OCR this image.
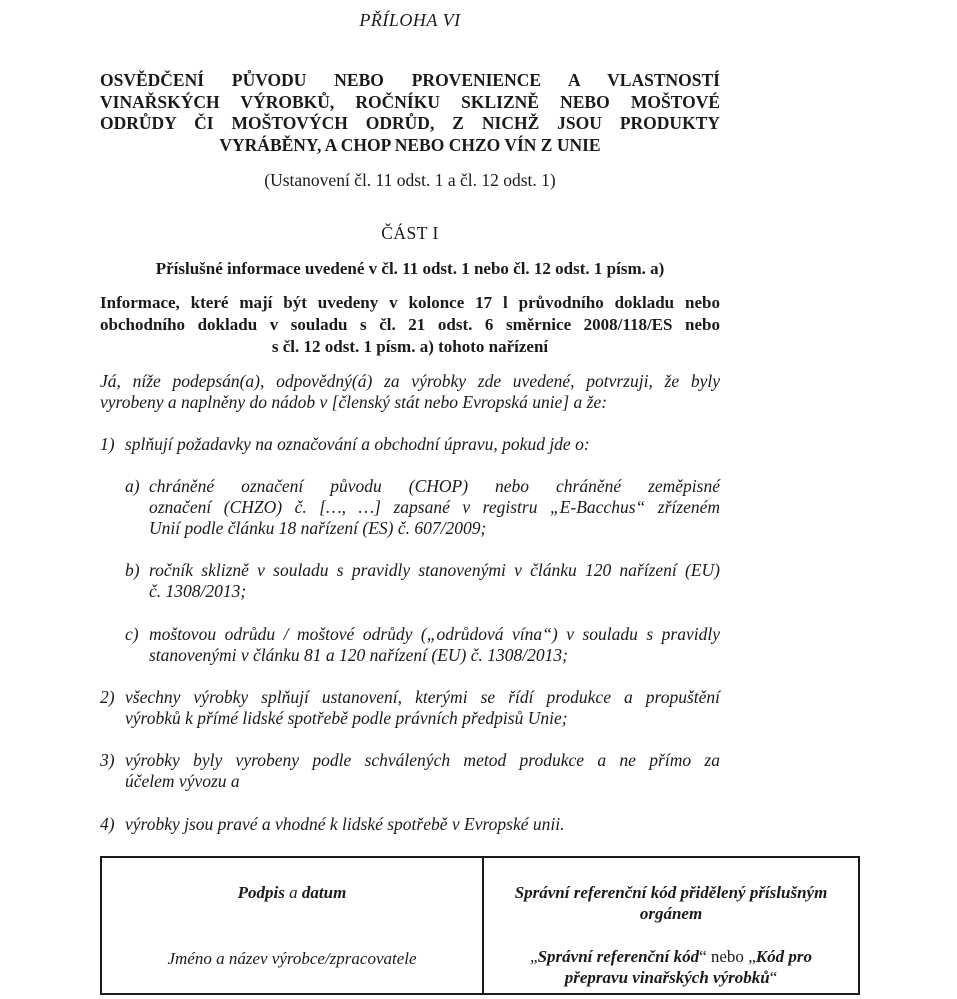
PŘÍLOHA VI
OSVĚDČENÍ PŮVODU NEBO PROVENIENCE A VLASTNOSTÍ
VINAŘSKÝCH VÝROBKŮ, ROČNÍKU SKLIZNĚ NEBO MOŠTOVÉ
ODRŮDY ČI MOŠTOVÝCH ODRŮD, Z NICHŽ JSOU PRODUKTY
VYRÁBĚNY, A CHOP NEBO CHZO VÍN Z UNIE
(Ustanovení čl. 11 odst. 1 a čl. 12 odst. 1)
ČÁST I
Příslušné informace uvedené v čl. 11 odst. 1 nebo čl. 12 odst. 1 písm. a)
Informace, které mají být uvedeny v kolonce 17 l průvodního dokladu nebo
obchodního dokladu v souladu s čl. 21 odst. 6 směrnice 2008/118/ES nebo
s čl. 12 odst. 1 písm. a) tohoto nařízení
Já, níže podepsán(a), odpovědný(á) za výrobky zde uvedené, potvrzuji, že byly
vyrobeny a naplněny do nádob v [členský stát nebo Evropská unie] a že:
1) splňují požadavky na označování a obchodní úpravu, pokud jde o:
a) chráněné označení původu (CHOP) nebo chráněné zeměpisné
označení (CHZO) č. […, …] zapsané v registru „E-Bacchus“ zřízeném
Unií podle článku 18 nařízení (ES) č. 607/2009;
b) ročník sklizně v souladu s pravidly stanovenými v článku 120 nařízení (EU)
č. 1308/2013;
c) moštovou odrůdu / moštové odrůdy („odrůdová vína“) v souladu s pravidly
stanovenými v článku 81 a 120 nařízení (EU) č. 1308/2013;
2) všechny výrobky splňují ustanovení, kterými se řídí produkce a propuštění
výrobků k přímé lidské spotřebě podle právních předpisů Unie;
3) výrobky byly vyrobeny podle schválených metod produkce a ne přímo za
účelem vývozu a
4) výrobky jsou pravé a vhodné k lidské spotřebě v Evropské unii.
Podpis a datum
Jméno a název výrobce/zpracovatele
Správní referenční kód přidělený příslušným orgánem
„Správní referenční kód“ nebo „Kód pro přepravu vinařských výrobků“
